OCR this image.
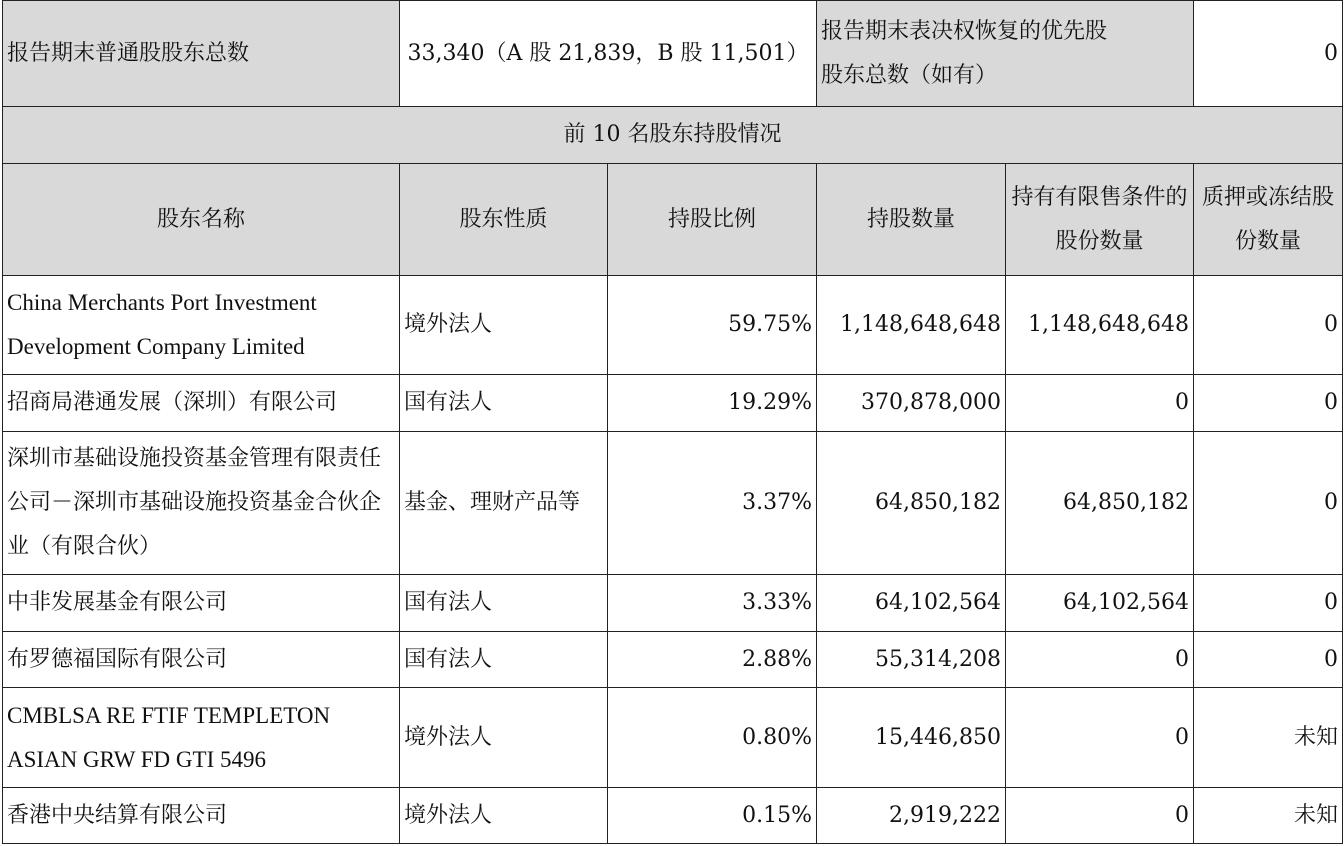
报告期末普通股股东总数	33,340（A 股 21,839，B 股 11,501）		报告期末表决权恢复的优先股股东总数（如有）		0
前 10 名股东持股情况					
股东名称	股东性质	持股比例	持股数量	持有有限售条件的股份数量	质押或冻结股份数量
China Merchants Port Investment Development Company Limited	境外法人	59.75%	1,148,648,648	1,148,648,648	0
招商局港通发展（深圳）有限公司	国有法人	19.29%	370,878,000	0	0
深圳市基础设施投资基金管理有限责任公司－深圳市基础设施投资基金合伙企业（有限合伙）	基金、理财产品等	3.37%	64,850,182	64,850,182	0
中非发展基金有限公司	国有法人	3.33%	64,102,564	64,102,564	0
布罗德福国际有限公司	国有法人	2.88%	55,314,208	0	0
CMBLSA RE FTIF TEMPLETON ASIAN GRW FD GTI 5496	境外法人	0.80%	15,446,850	0	未知
香港中央结算有限公司	境外法人	0.15%	2,919,222	0	未知
